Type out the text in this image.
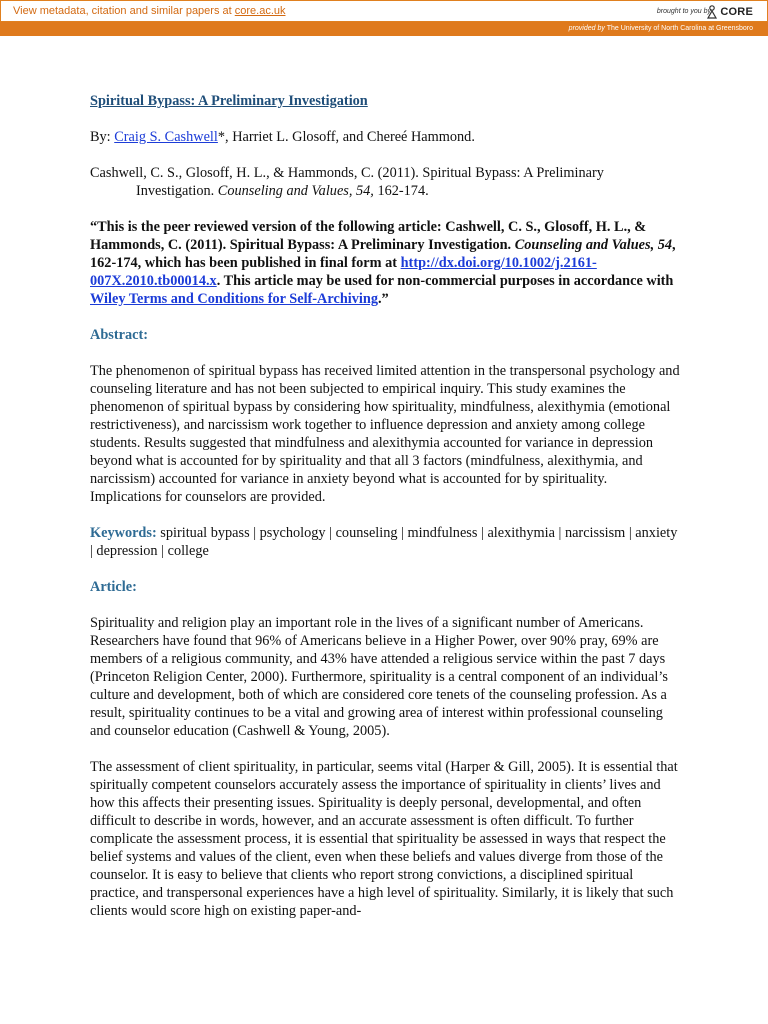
View metadata, citation and similar papers at core.ac.uk	brought to you by CORE
provided by The University of North Carolina at Greensboro

Spiritual Bypass: A Preliminary Investigation

By: Craig S. Cashwell*, Harriet L. Glosoff, and Chereé Hammond.

Cashwell, C. S., Glosoff, H. L., & Hammonds, C. (2011). Spiritual Bypass: A Preliminary Investigation. Counseling and Values, 54, 162-174.

“This is the peer reviewed version of the following article: Cashwell, C. S., Glosoff, H. L., & Hammonds, C. (2011). Spiritual Bypass: A Preliminary Investigation. Counseling and Values, 54, 162-174, which has been published in final form at http://dx.doi.org/10.1002/j.2161-007X.2010.tb00014.x. This article may be used for non-commercial purposes in accordance with Wiley Terms and Conditions for Self-Archiving.”

Abstract:

The phenomenon of spiritual bypass has received limited attention in the transpersonal psychology and counseling literature and has not been subjected to empirical inquiry. This study examines the phenomenon of spiritual bypass by considering how spirituality, mindfulness, alexithymia (emotional restrictiveness), and narcissism work together to influence depression and anxiety among college students. Results suggested that mindfulness and alexithymia accounted for variance in depression beyond what is accounted for by spirituality and that all 3 factors (mindfulness, alexithymia, and narcissism) accounted for variance in anxiety beyond what is accounted for by spirituality. Implications for counselors are provided.

Keywords: spiritual bypass | psychology | counseling | mindfulness | alexithymia | narcissism | anxiety | depression | college

Article:

Spirituality and religion play an important role in the lives of a significant number of Americans. Researchers have found that 96% of Americans believe in a Higher Power, over 90% pray, 69% are members of a religious community, and 43% have attended a religious service within the past 7 days (Princeton Religion Center, 2000). Furthermore, spirituality is a central component of an individual’s culture and development, both of which are considered core tenets of the counseling profession. As a result, spirituality continues to be a vital and growing area of interest within professional counseling and counselor education (Cashwell & Young, 2005).

The assessment of client spirituality, in particular, seems vital (Harper & Gill, 2005). It is essential that spiritually competent counselors accurately assess the importance of spirituality in clients’ lives and how this affects their presenting issues. Spirituality is deeply personal, developmental, and often difficult to describe in words, however, and an accurate assessment is often difficult. To further complicate the assessment process, it is essential that spirituality be assessed in ways that respect the belief systems and values of the client, even when these beliefs and values diverge from those of the counselor. It is easy to believe that clients who report strong convictions, a disciplined spiritual practice, and transpersonal experiences have a high level of spirituality. Similarly, it is likely that such clients would score high on existing paper-and-
